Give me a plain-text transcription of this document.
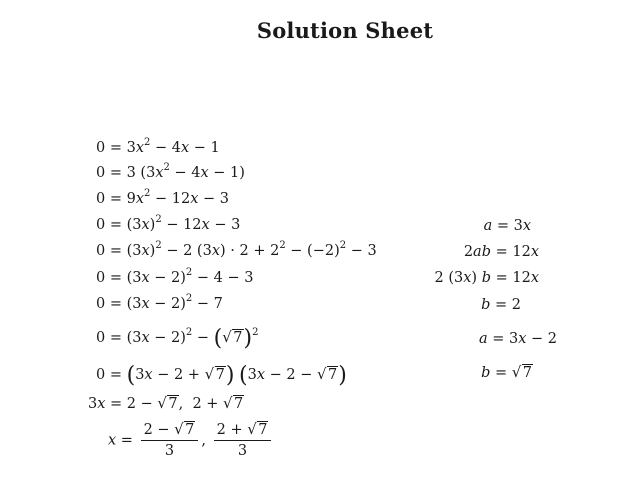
Solution Sheet
$0 = 3x^2 - 4x - 1$
0 = 3 $(3x^2 - 4x - 1)$
$0 = 9x^2 - 12x - 3$
$0 = (3x)^2 - 12x - 3$
$0 = (3x)^2 - 2$ $(3x) \cdot 2 + 2^2 - (-2)^2 - 3$
$0 = (3x - 2)^2 - 4 - 3$
$0 = (3x - 2)^2 - 7$
$0 = (3x - 2)^2$ − (√ 7)$^2$
0 = (3x − 2 + √ 7) (3x − 2 − √ 7)
3x = 2 − √ 7,  2 + √ 7
$x = \frac{2 - √ 7}{3}$ , $\frac{2 + √ 7}{3}$
a = 3x
2ab = 12x
2 (3x) b = 12x
b = 2
a = 3x − 2
b = √ 7
